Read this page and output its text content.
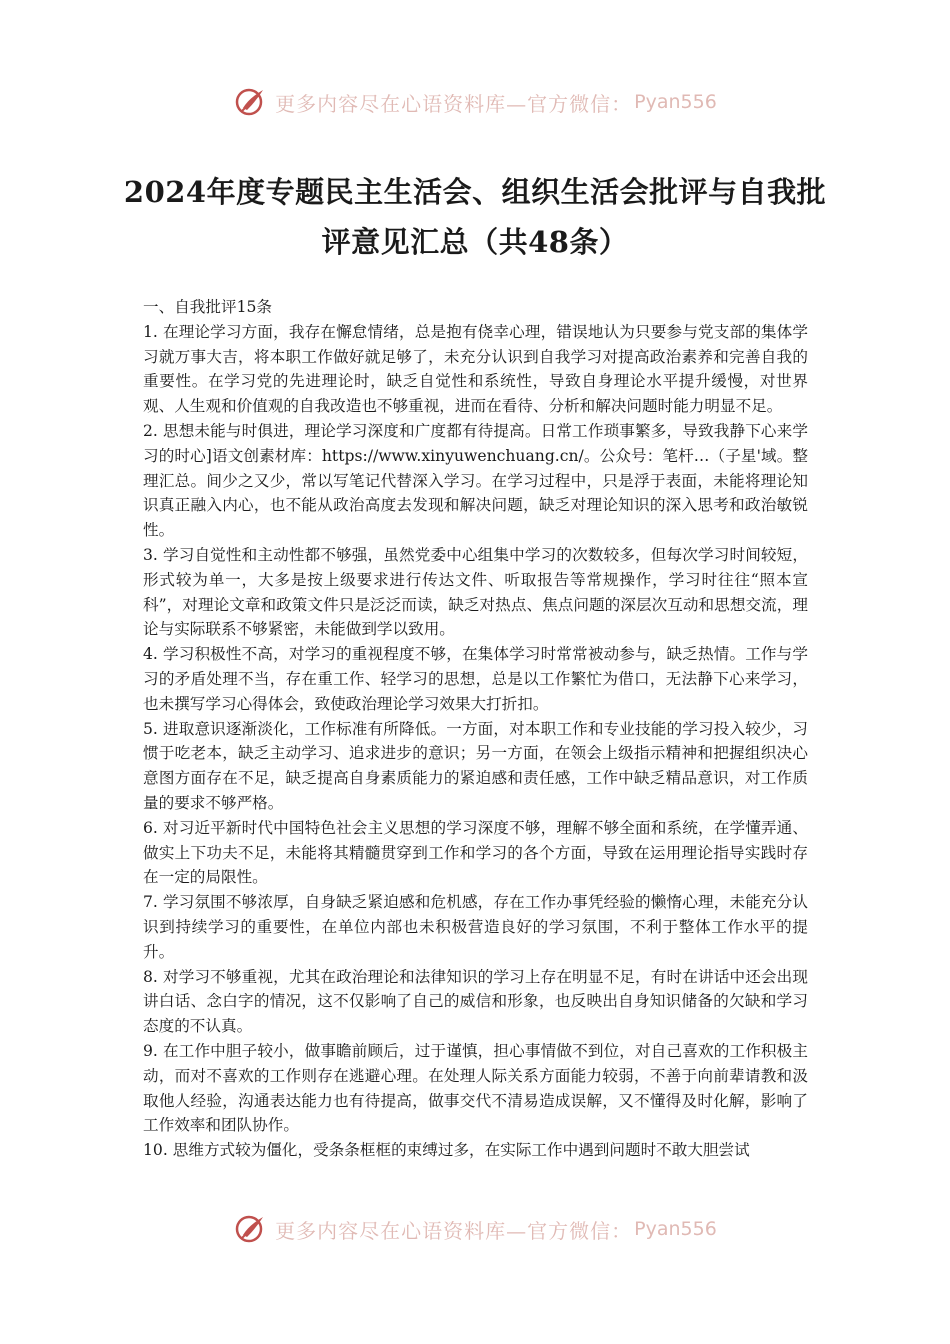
更多内容尽在心语资料库—官方微信： Pyan556
2024年度专题民主生活会、组织生活会批评与自我批评意见汇总（共48条）

一、自我批评15条

1. 在理论学习方面，我存在懈怠情绪，总是抱有侥幸心理，错误地认为只要参与党支部的集体学习就万事大吉，将本职工作做好就足够了，未充分认识到自我学习对提高政治素养和完善自我的重要性。在学习党的先进理论时，缺乏自觉性和系统性，导致自身理论水平提升缓慢，对世界观、人生观和价值观的自我改造也不够重视，进而在看待、分析和解决问题时能力明显不足。

2. 思想未能与时俱进，理论学习深度和广度都有待提高。日常工作琐事繁多，导致我静下心来学习的时心]语文创素材库：https://www.xinyuwenchuang.cn/。公众号：笔杆…（子星'域。整理汇总。间少之又少，常以写笔记代替深入学习。在学习过程中，只是浮于表面，未能将理论知识真正融入内心，也不能从政治高度去发现和解决问题，缺乏对理论知识的深入思考和政治敏锐性。

3. 学习自觉性和主动性都不够强，虽然党委中心组集中学习的次数较多，但每次学习时间较短，形式较为单一，大多是按上级要求进行传达文件、听取报告等常规操作，学习时往往“照本宣科”，对理论文章和政策文件只是泛泛而读，缺乏对热点、焦点问题的深层次互动和思想交流，理论与实际联系不够紧密，未能做到学以致用。

4. 学习积极性不高，对学习的重视程度不够，在集体学习时常常被动参与，缺乏热情。工作与学习的矛盾处理不当，存在重工作、轻学习的思想，总是以工作繁忙为借口，无法静下心来学习，也未撰写学习心得体会，致使政治理论学习效果大打折扣。

5. 进取意识逐渐淡化，工作标准有所降低。一方面，对本职工作和专业技能的学习投入较少，习惯于吃老本，缺乏主动学习、追求进步的意识；另一方面，在领会上级指示精神和把握组织决心意图方面存在不足，缺乏提高自身素质能力的紧迫感和责任感，工作中缺乏精品意识，对工作质量的要求不够严格。

6. 对习近平新时代中国特色社会主义思想的学习深度不够，理解不够全面和系统，在学懂弄通、做实上下功夫不足，未能将其精髓贯穿到工作和学习的各个方面，导致在运用理论指导实践时存在一定的局限性。

7. 学习氛围不够浓厚，自身缺乏紧迫感和危机感，存在工作办事凭经验的懒惰心理，未能充分认识到持续学习的重要性，在单位内部也未积极营造良好的学习氛围，不利于整体工作水平的提升。

8. 对学习不够重视，尤其在政治理论和法律知识的学习上存在明显不足，有时在讲话中还会出现讲白话、念白字的情况，这不仅影响了自己的威信和形象，也反映出自身知识储备的欠缺和学习态度的不认真。

9. 在工作中胆子较小，做事瞻前顾后，过于谨慎，担心事情做不到位，对自己喜欢的工作积极主动，而对不喜欢的工作则存在逃避心理。在处理人际关系方面能力较弱，不善于向前辈请教和汲取他人经验，沟通表达能力也有待提高，做事交代不清易造成误解，又不懂得及时化解，影响了工作效率和团队协作。

10. 思维方式较为僵化，受条条框框的束缚过多，在实际工作中遇到问题时不敢大胆尝试

更多内容尽在心语资料库—官方微信： Pyan556
